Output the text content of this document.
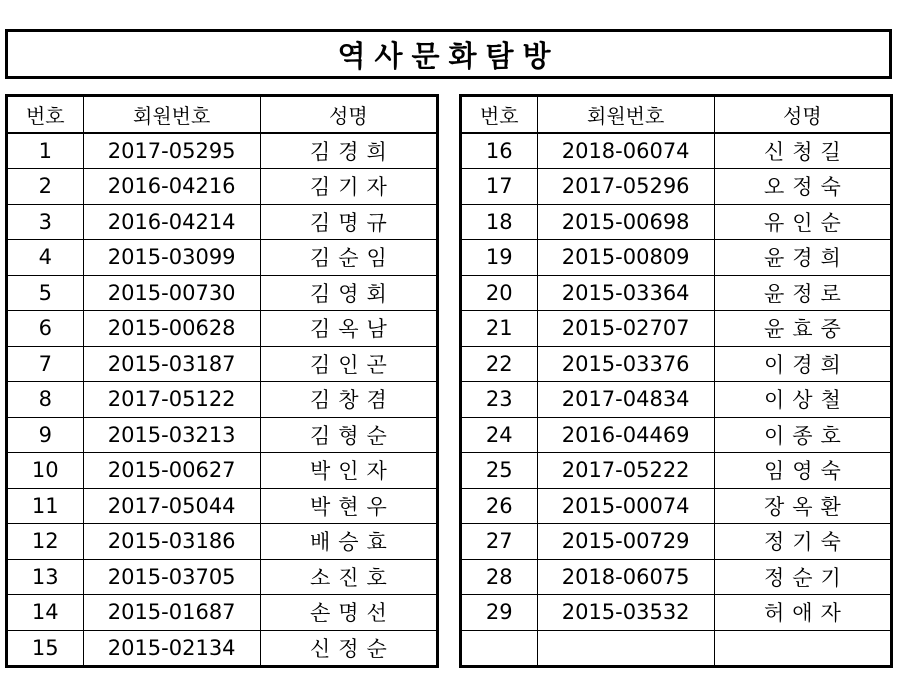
역사문화탐방
번호	회원번호	성명
1	2017-05295	김경희
2	2016-04216	김기자
3	2016-04214	김명규
4	2015-03099	김순임
5	2015-00730	김영회
6	2015-00628	김옥남
7	2015-03187	김인곤
8	2017-05122	김창겸
9	2015-03213	김형순
10	2015-00627	박인자
11	2017-05044	박현우
12	2015-03186	배승효
13	2015-03705	소진호
14	2015-01687	손명선
15	2015-02134	신정순
번호	회원번호	성명
16	2018-06074	신청길
17	2017-05296	오정숙
18	2015-00698	유인순
19	2015-00809	윤경희
20	2015-03364	윤정로
21	2015-02707	윤효중
22	2015-03376	이경희
23	2017-04834	이상철
24	2016-04469	이종호
25	2017-05222	임영숙
26	2015-00074	장옥환
27	2015-00729	정기숙
28	2018-06075	정순기
29	2015-03532	허애자
